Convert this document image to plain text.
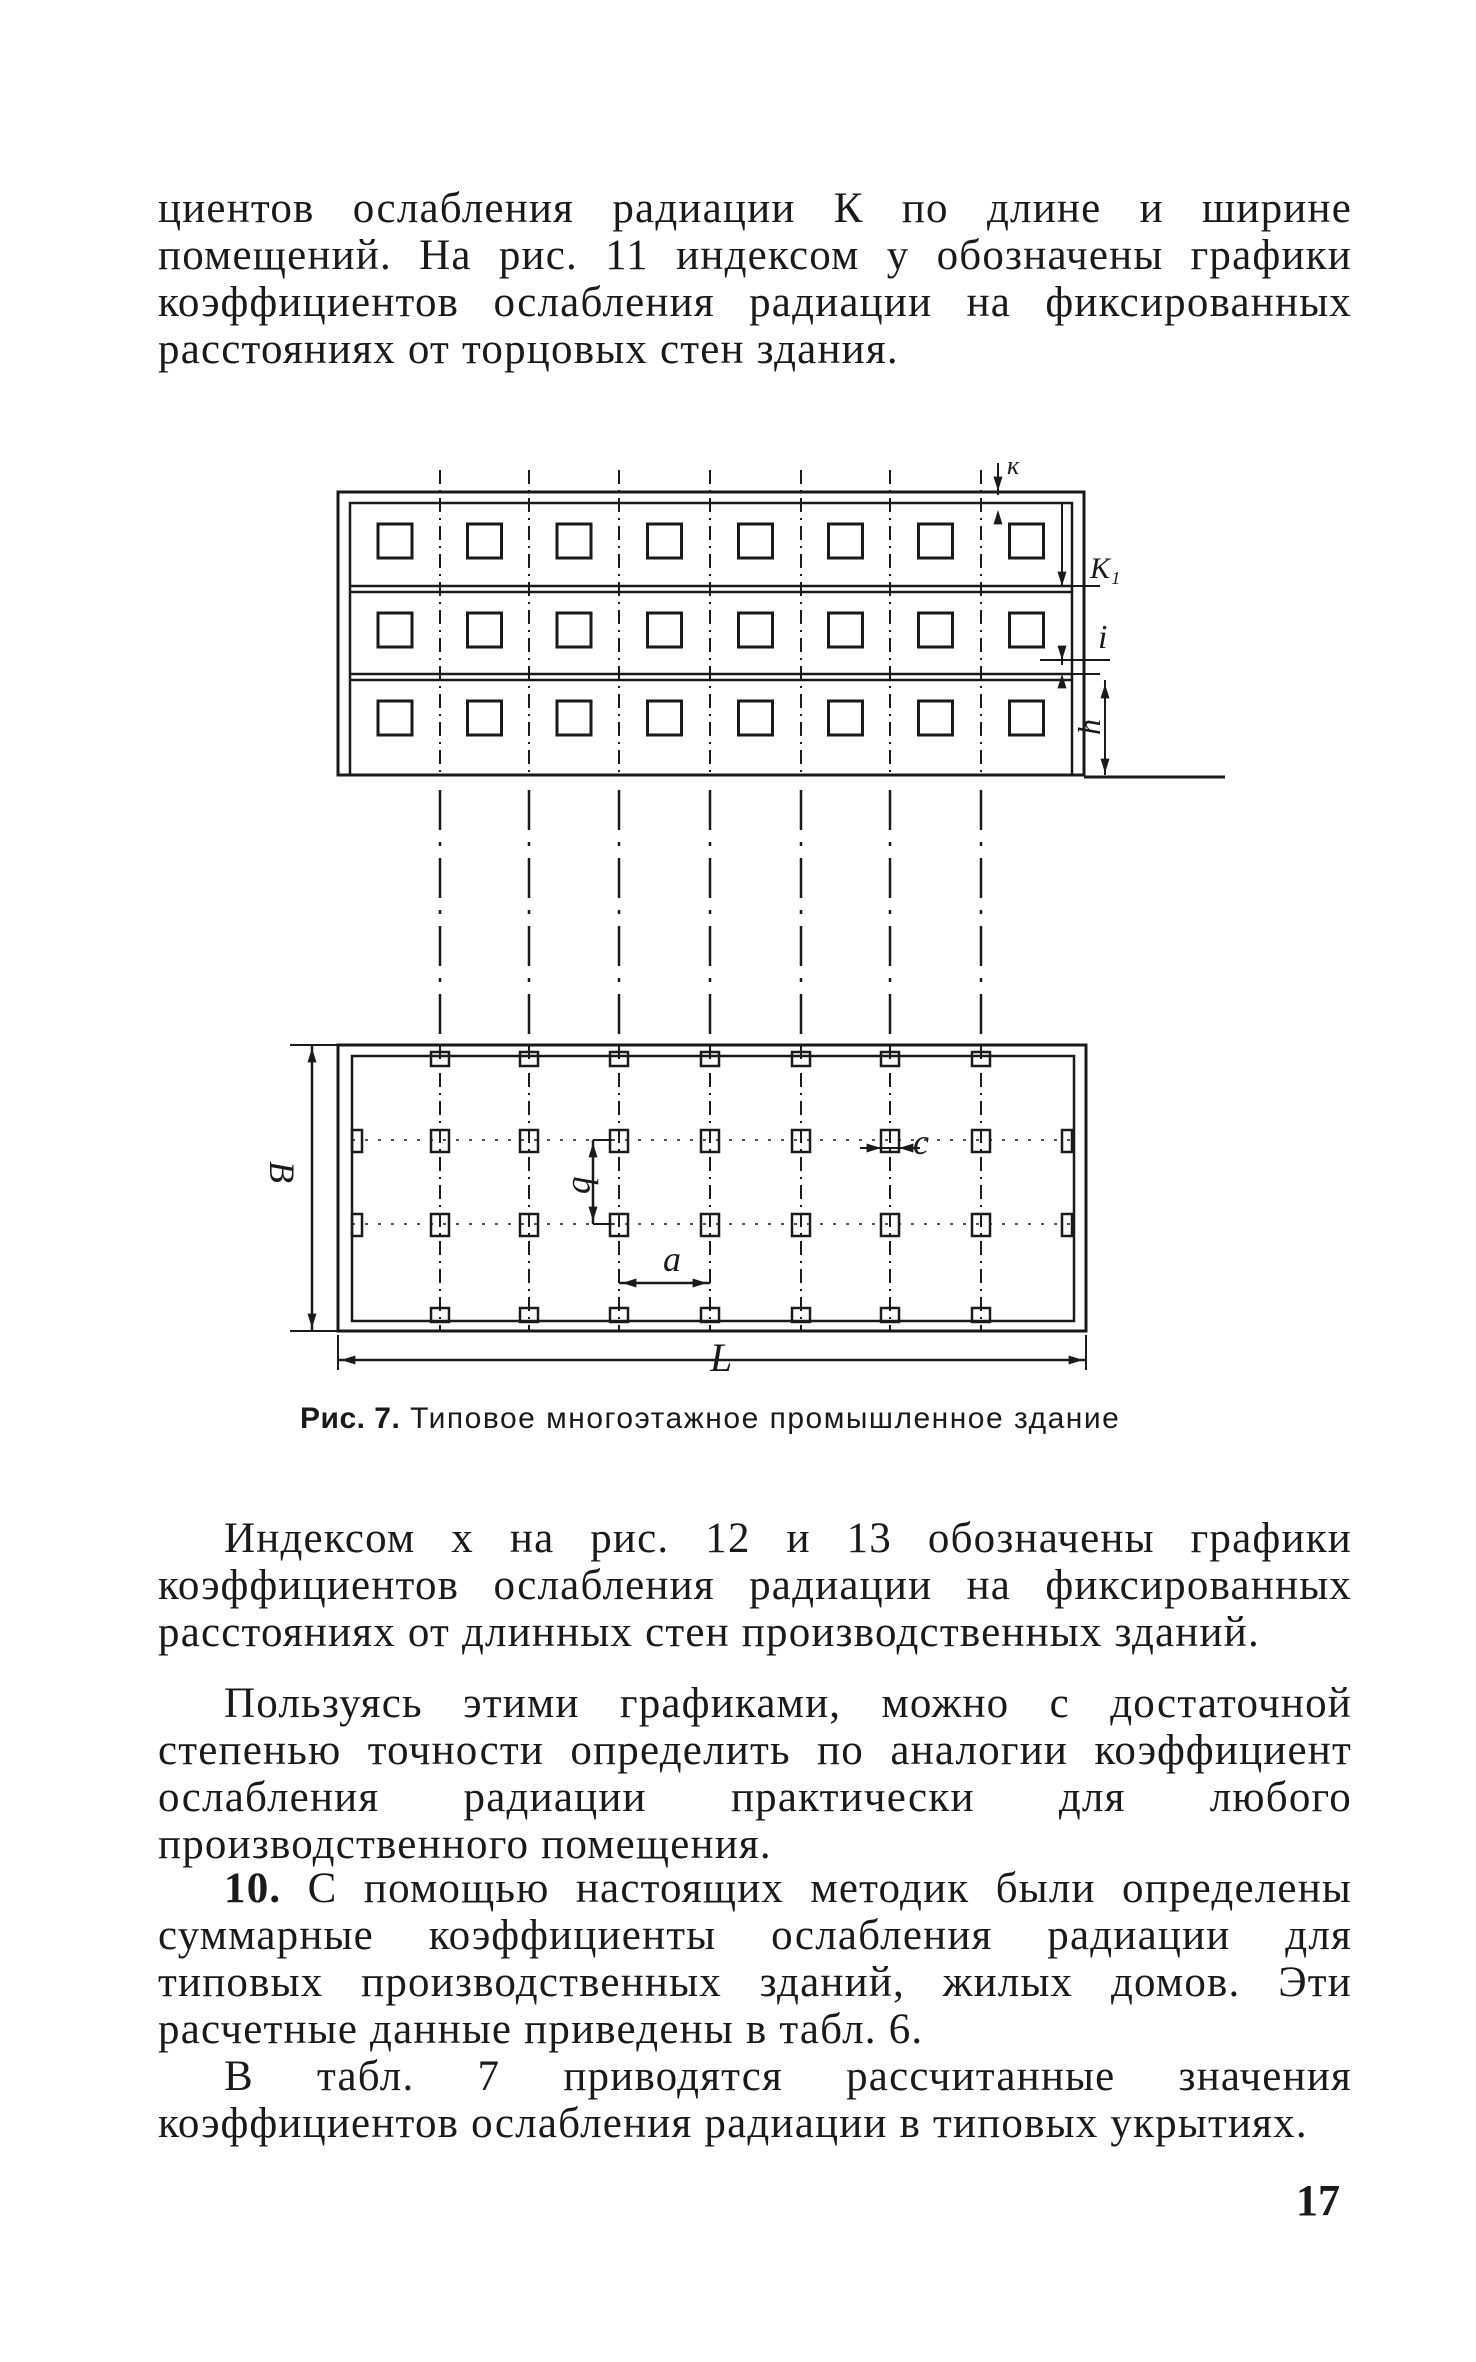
циентов ослабления радиации К по длине и ширине помещений. На рис. 11 индексом у обозначены графики коэффициентов ослабления радиации на фиксированных расстояниях от торцовых стен здания.

к
К₁
i
h
В
b
с
а
L
Рис. 7. Типовое многоэтажное промышленное здание

Индексом х на рис. 12 и 13 обозначены графики коэффициентов ослабления радиации на фиксированных расстояниях от длинных стен производственных зданий.

Пользуясь этими графиками, можно с достаточной степенью точности определить по аналогии коэффициент ослабления радиации практически для любого производственного помещения.

10. С помощью настоящих методик были определены суммарные коэффициенты ослабления радиации для типовых производственных зданий, жилых домов. Эти расчетные данные приведены в табл. 6.

В табл. 7 приводятся рассчитанные значения коэффициентов ослабления радиации в типовых укрытиях.

17
